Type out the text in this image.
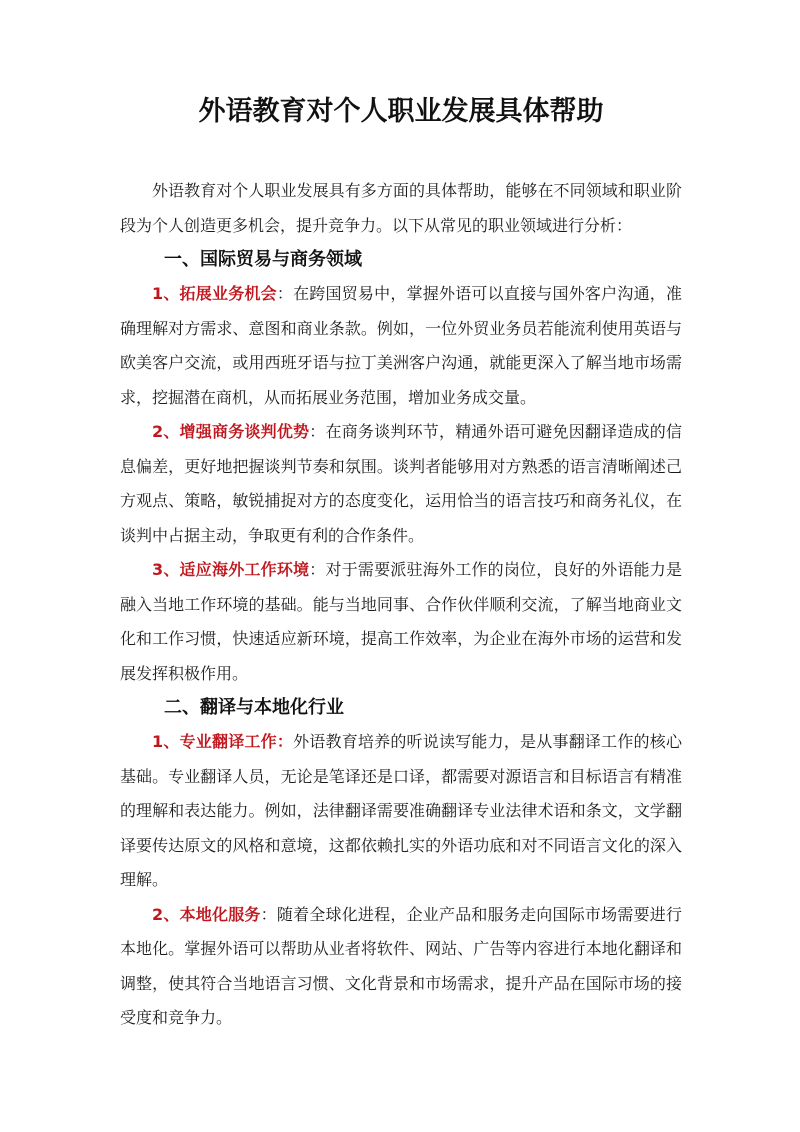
外语教育对个人职业发展具体帮助

外语教育对个人职业发展具有多方面的具体帮助，能够在不同领域和职业阶段为个人创造更多机会，提升竞争力。以下从常见的职业领域进行分析：

一、国际贸易与商务领域

1、拓展业务机会：在跨国贸易中，掌握外语可以直接与国外客户沟通，准确理解对方需求、意图和商业条款。例如，一位外贸业务员若能流利使用英语与欧美客户交流，或用西班牙语与拉丁美洲客户沟通，就能更深入了解当地市场需求，挖掘潜在商机，从而拓展业务范围，增加业务成交量。

2、增强商务谈判优势：在商务谈判环节，精通外语可避免因翻译造成的信息偏差，更好地把握谈判节奏和氛围。谈判者能够用对方熟悉的语言清晰阐述己方观点、策略，敏锐捕捉对方的态度变化，运用恰当的语言技巧和商务礼仪，在谈判中占据主动，争取更有利的合作条件。

3、适应海外工作环境：对于需要派驻海外工作的岗位，良好的外语能力是融入当地工作环境的基础。能与当地同事、合作伙伴顺利交流，了解当地商业文化和工作习惯，快速适应新环境，提高工作效率，为企业在海外市场的运营和发展发挥积极作用。

二、翻译与本地化行业

1、专业翻译工作：外语教育培养的听说读写能力，是从事翻译工作的核心基础。专业翻译人员，无论是笔译还是口译，都需要对源语言和目标语言有精准的理解和表达能力。例如，法律翻译需要准确翻译专业法律术语和条文，文学翻译要传达原文的风格和意境，这都依赖扎实的外语功底和对不同语言文化的深入理解。

2、本地化服务：随着全球化进程，企业产品和服务走向国际市场需要进行本地化。掌握外语可以帮助从业者将软件、网站、广告等内容进行本地化翻译和调整，使其符合当地语言习惯、文化背景和市场需求，提升产品在国际市场的接受度和竞争力。
